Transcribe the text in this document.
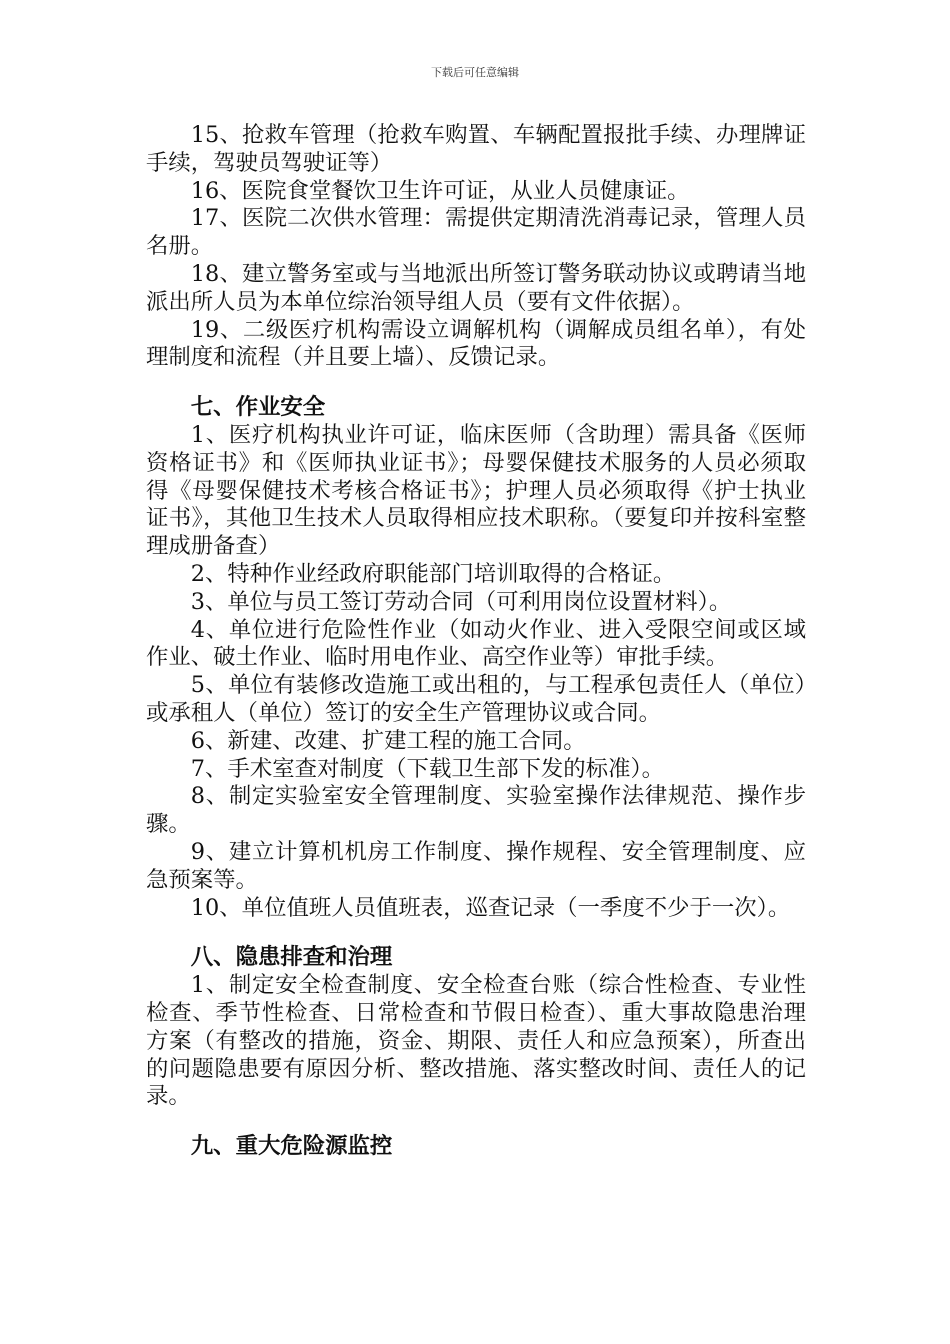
下载后可任意编辑

15、抢救车管理（抢救车购置、车辆配置报批手续、办理牌证手续，驾驶员驾驶证等）

16、医院食堂餐饮卫生许可证，从业人员健康证。

17、医院二次供水管理：需提供定期清洗消毒记录，管理人员名册。

18、建立警务室或与当地派出所签订警务联动协议或聘请当地派出所人员为本单位综治领导组人员（要有文件依据）。

19、二级医疗机构需设立调解机构（调解成员组名单），有处理制度和流程（并且要上墙）、反馈记录。

七、作业安全

1、医疗机构执业许可证，临床医师（含助理）需具备《医师资格证书》和《医师执业证书》；母婴保健技术服务的人员必须取得《母婴保健技术考核合格证书》；护理人员必须取得《护士执业证书》，其他卫生技术人员取得相应技术职称。（要复印并按科室整理成册备查）

2、特种作业经政府职能部门培训取得的合格证。

3、单位与员工签订劳动合同（可利用岗位设置材料）。

4、单位进行危险性作业（如动火作业、进入受限空间或区域作业、破土作业、临时用电作业、高空作业等）审批手续。

5、单位有装修改造施工或出租的，与工程承包责任人（单位）或承租人（单位）签订的安全生产管理协议或合同。

6、新建、改建、扩建工程的施工合同。

7、手术室查对制度（下载卫生部下发的标准）。

8、制定实验室安全管理制度、实验室操作法律规范、操作步骤。

9、建立计算机机房工作制度、操作规程、安全管理制度、应急预案等。

10、单位值班人员值班表，巡查记录（一季度不少于一次）。

八、隐患排查和治理

1、制定安全检查制度、安全检查台账（综合性检查、专业性检查、季节性检查、日常检查和节假日检查）、重大事故隐患治理方案（有整改的措施，资金、期限、责任人和应急预案），所查出的问题隐患要有原因分析、整改措施、落实整改时间、责任人的记录。

九、重大危险源监控
